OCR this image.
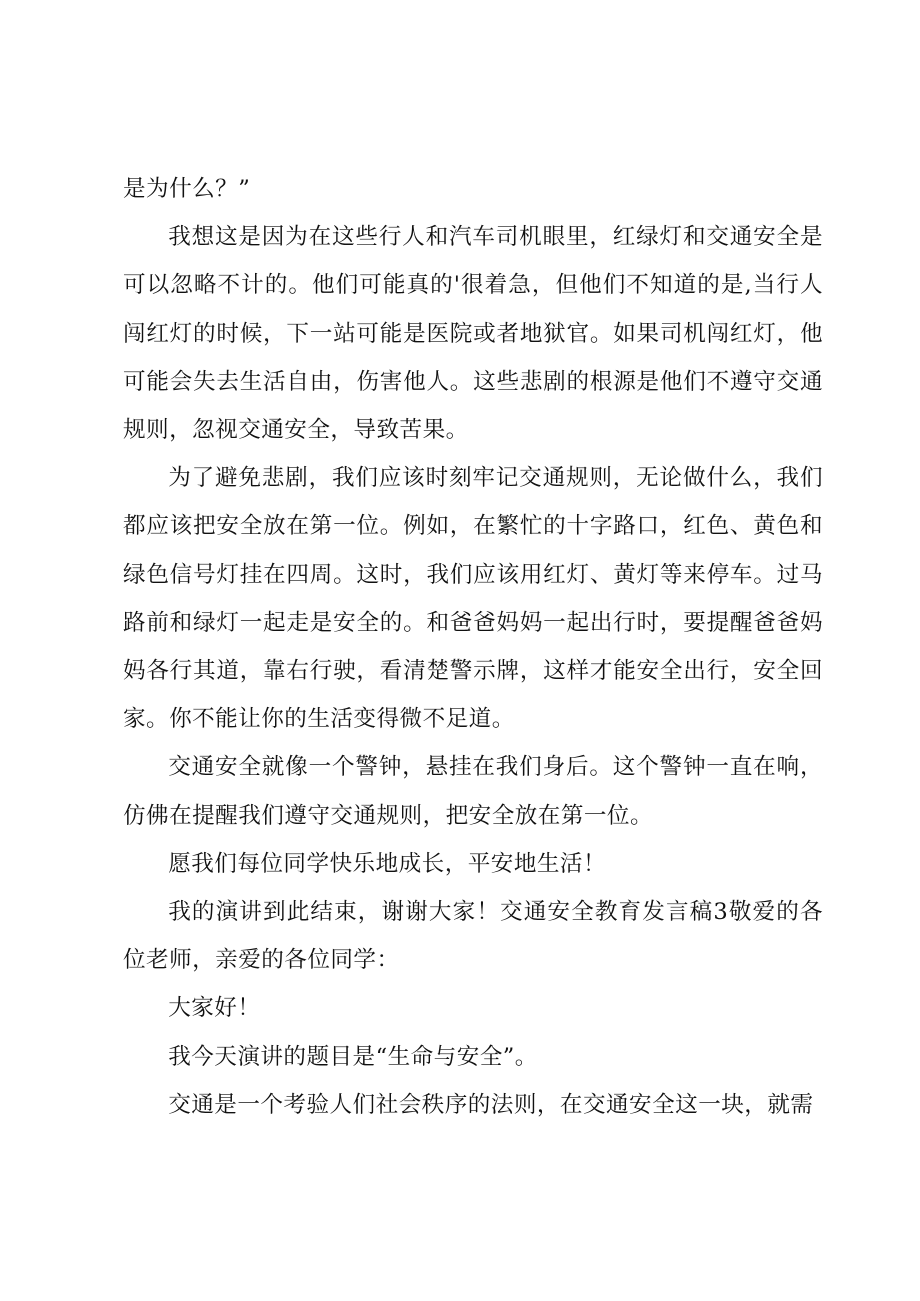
是为什么？”

我想这是因为在这些行人和汽车司机眼里，红绿灯和交通安全是可以忽略不计的。他们可能真的'很着急，但他们不知道的是,当行人闯红灯的时候，下一站可能是医院或者地狱官。如果司机闯红灯，他可能会失去生活自由，伤害他人。这些悲剧的根源是他们不遵守交通规则，忽视交通安全，导致苦果。

为了避免悲剧，我们应该时刻牢记交通规则，无论做什么，我们都应该把安全放在第一位。例如，在繁忙的十字路口，红色、黄色和绿色信号灯挂在四周。这时，我们应该用红灯、黄灯等来停车。过马路前和绿灯一起走是安全的。和爸爸妈妈一起出行时，要提醒爸爸妈妈各行其道，靠右行驶，看清楚警示牌，这样才能安全出行，安全回家。你不能让你的生活变得微不足道。

交通安全就像一个警钟，悬挂在我们身后。这个警钟一直在响，仿佛在提醒我们遵守交通规则，把安全放在第一位。

愿我们每位同学快乐地成长，平安地生活！

我的演讲到此结束，谢谢大家！交通安全教育发言稿3敬爱的各位老师，亲爱的各位同学：

大家好！

我今天演讲的题目是“生命与安全”。

交通是一个考验人们社会秩序的法则，在交通安全这一块，就需
